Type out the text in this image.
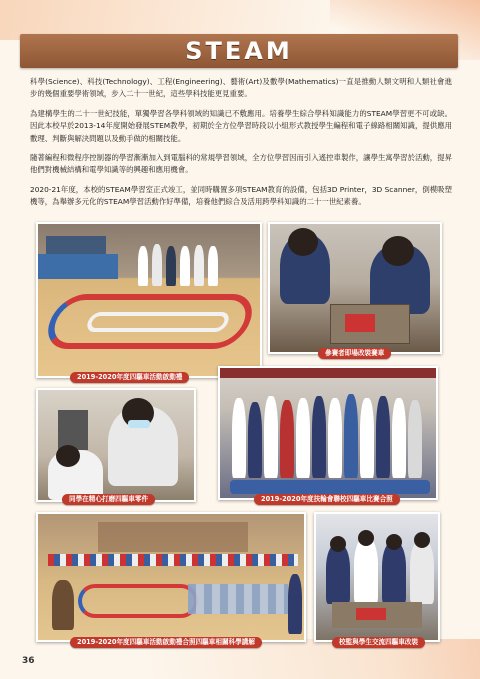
STEAM

科學(Science)、科技(Technology)、工程(Engineering)、藝術(Art)及數學(Mathematics)一直是推動人類文明和人類社會進步的幾個重要學術領域，步入二十一世紀，這些學科技能更見重要。

為建構學生的二十一世紀技能，單獨學習各學科領域的知識已不敷應用。培養學生綜合學科知識能力的STEAM學習更不可或缺。因此本校早於2013-14年度開始發展STEM教學，初期於全方位學習時段以小組形式教授學生編程和電子線路相關知識，提供應用數理、判斷與解決問題以及動手做的相關技能。

隨著編程和微程序控制器的學習漸漸加入到電腦科的常規學習領域，全方位學習因而引入遙控車製作，讓學生寓學習於活動，提昇他們對機械結構和電學知識等的興趣和應用機會。

2020-21年度，本校的STEAM學習室正式竣工，並同時購置多項STEAM教育的設備，包括3D Printer，3D Scanner，倒模吸塑機等，為舉辦多元化的STEAM學習活動作好準備，培養他們綜合及活用跨學科知識的二十一世紀素養。

2019-2020年度四驅車活動啟動禮
參賽者即場改裝賽車
同學在精心打磨四驅車零件	2019-2020年度扶輪會聯校四驅車比賽合照
2019-2020年度四驅車活動啟動禮合照四驅車相關科學講解	校監與學生交流四驅車改裝
36
